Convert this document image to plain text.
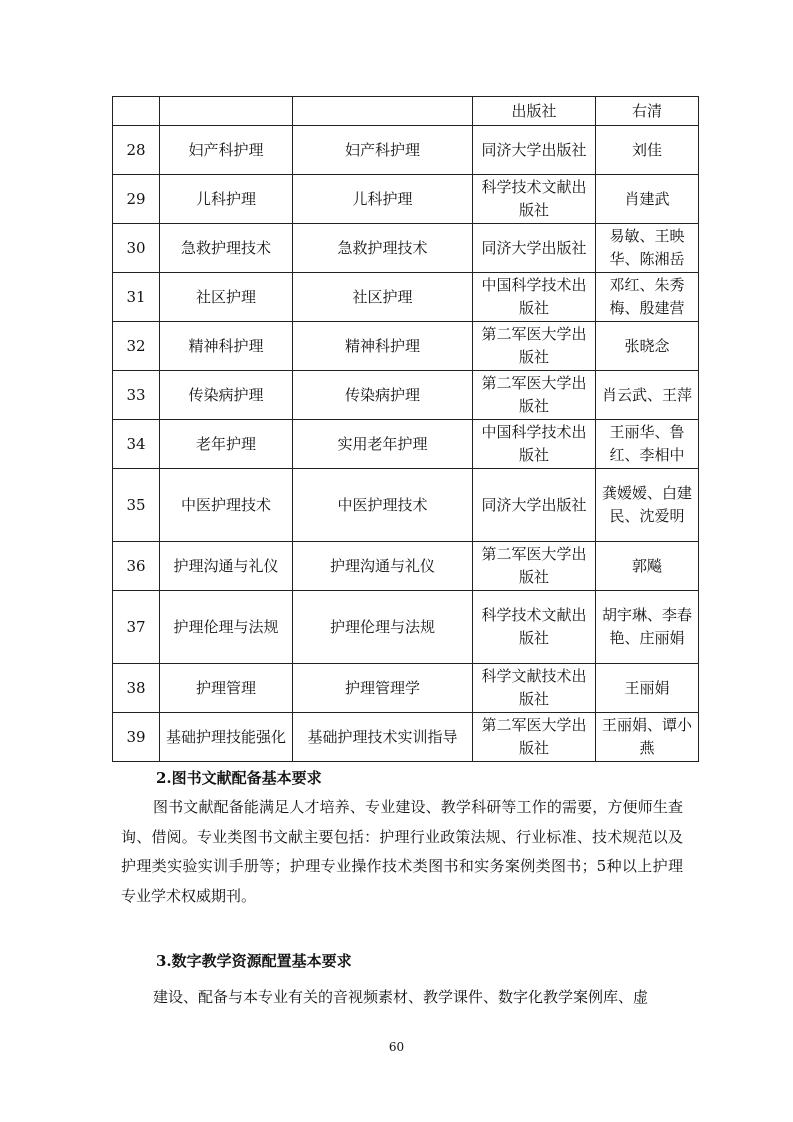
			出版社	右清
28	妇产科护理	妇产科护理	同济大学出版社	刘佳
29	儿科护理	儿科护理	科学技术文献出版社	肖建武
30	急救护理技术	急救护理技术	同济大学出版社	易敏、王映华、陈湘岳
31	社区护理	社区护理	中国科学技术出版社	邓红、朱秀梅、殷建营
32	精神科护理	精神科护理	第二军医大学出版社	张晓念
33	传染病护理	传染病护理	第二军医大学出版社	肖云武、王萍
34	老年护理	实用老年护理	中国科学技术出版社	王丽华、鲁红、李相中
35	中医护理技术	中医护理技术	同济大学出版社	龚嫒嫒、白建民、沈爱明
36	护理沟通与礼仪	护理沟通与礼仪	第二军医大学出版社	郭飚
37	护理伦理与法规	护理伦理与法规	科学技术文献出版社	胡宇琳、李春艳、庄丽娟
38	护理管理	护理管理学	科学文献技术出版社	王丽娟
39	基础护理技能强化	基础护理技术实训指导	第二军医大学出版社	王丽娟、谭小燕
2.图书文献配备基本要求

图书文献配备能满足人才培养、专业建设、教学科研等工作的需要，方便师生查询、借阅。专业类图书文献主要包括：护理行业政策法规、行业标准、技术规范以及护理类实验实训手册等；护理专业操作技术类图书和实务案例类图书；5种以上护理专业学术权威期刊。

3.数字教学资源配置基本要求

建设、配备与本专业有关的音视频素材、教学课件、数字化教学案例库、虚

60
